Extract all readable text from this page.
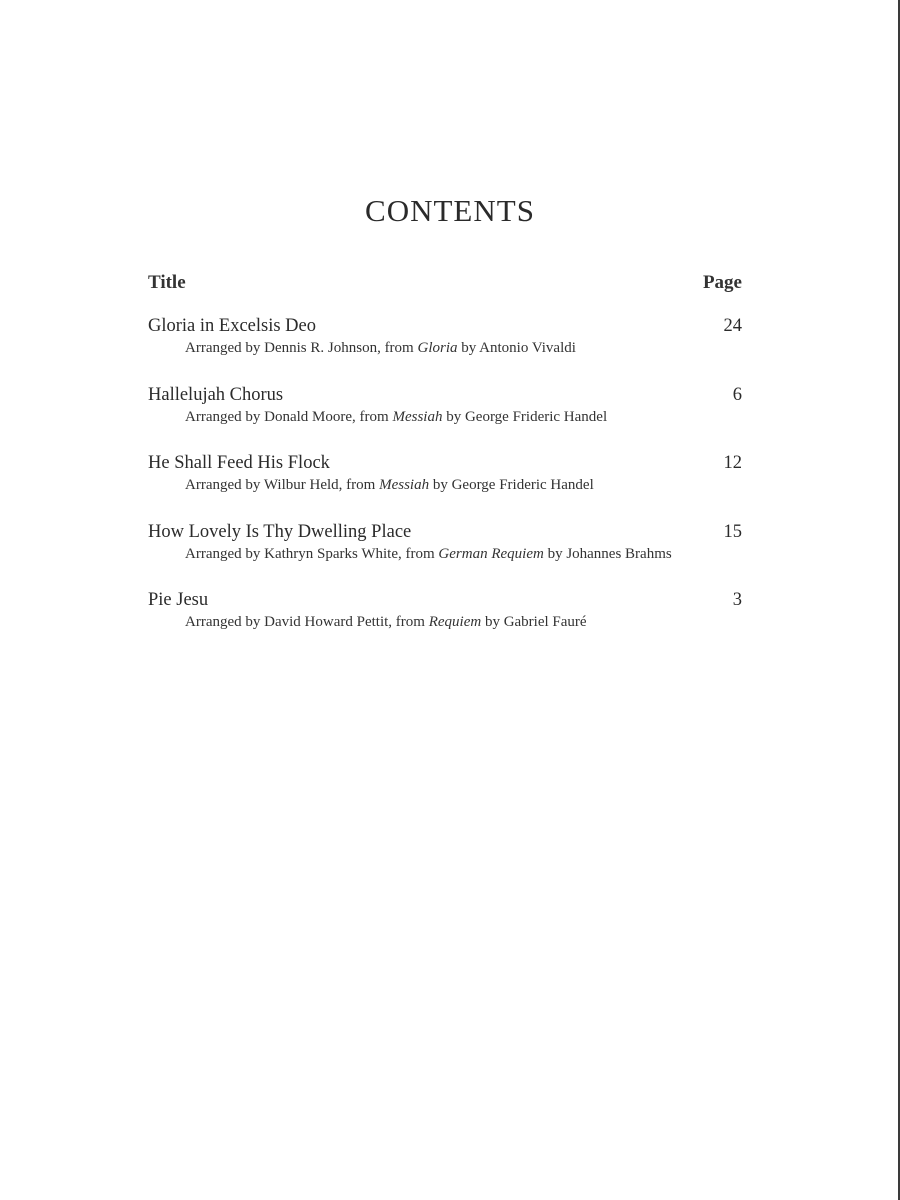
CONTENTS
Title	Page
Gloria in Excelsis Deo	24
Arranged by Dennis R. Johnson, from Gloria by Antonio Vivaldi
Hallelujah Chorus	6
Arranged by Donald Moore, from Messiah by George Frideric Handel
He Shall Feed His Flock	12
Arranged by Wilbur Held, from Messiah by George Frideric Handel
How Lovely Is Thy Dwelling Place	15
Arranged by Kathryn Sparks White, from German Requiem by Johannes Brahms
Pie Jesu	3
Arranged by David Howard Pettit, from Requiem by Gabriel Fauré
